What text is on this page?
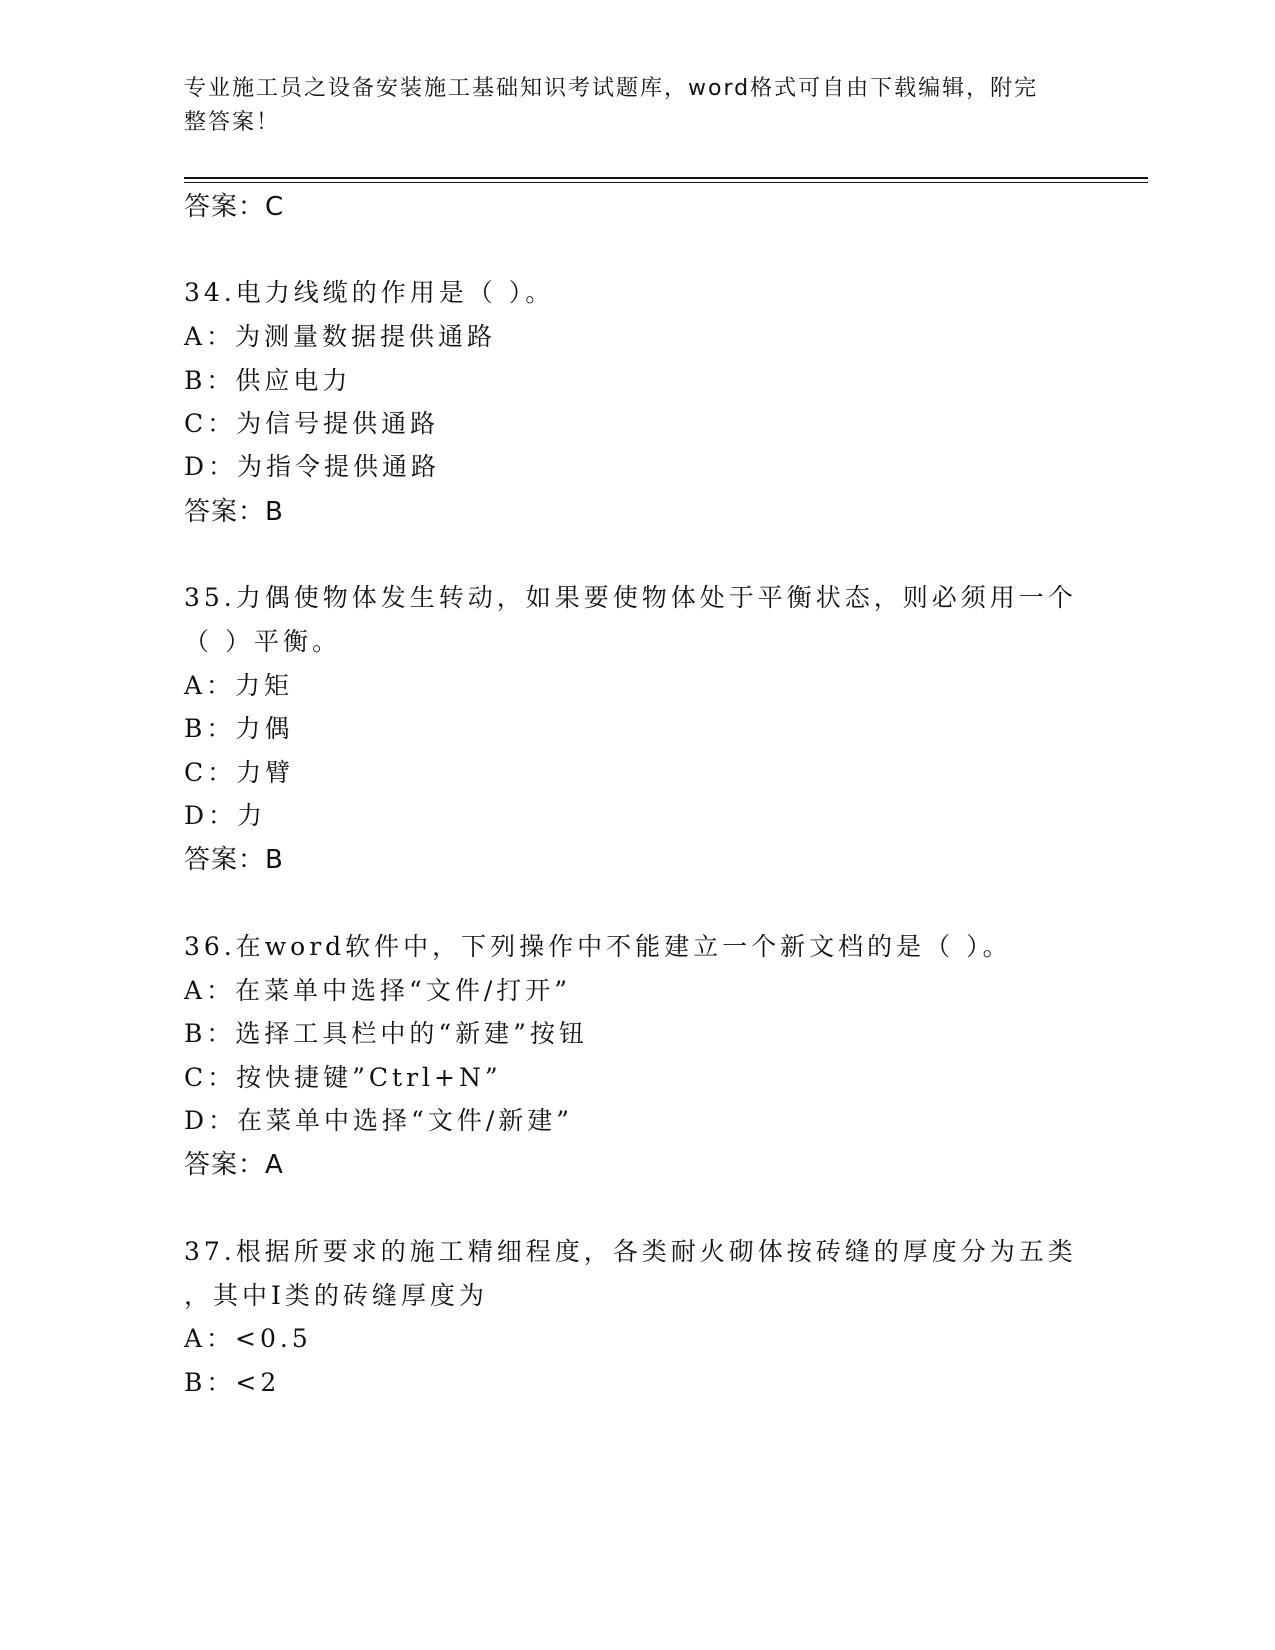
专业施工员之设备安装施工基础知识考试题库，word格式可自由下载编辑，附完
整答案！
答案：C
34.电力线缆的作用是（ ）。
A：为测量数据提供通路
B：供应电力
C：为信号提供通路
D：为指令提供通路
答案：B
35.力偶使物体发生转动，如果要使物体处于平衡状态，则必须用一个
（ ）平衡。
A：力矩
B：力偶
C：力臂
D：力
答案：B
36.在word软件中，下列操作中不能建立一个新文档的是（ ）。
A：在菜单中选择“文件/打开”
B：选择工具栏中的“新建”按钮
C：按快捷键”Ctrl+N”
D：在菜单中选择“文件/新建”
答案：A
37.根据所要求的施工精细程度，各类耐火砌体按砖缝的厚度分为五类
，其中Ⅰ类的砖缝厚度为
A：<0.5
B：<2
